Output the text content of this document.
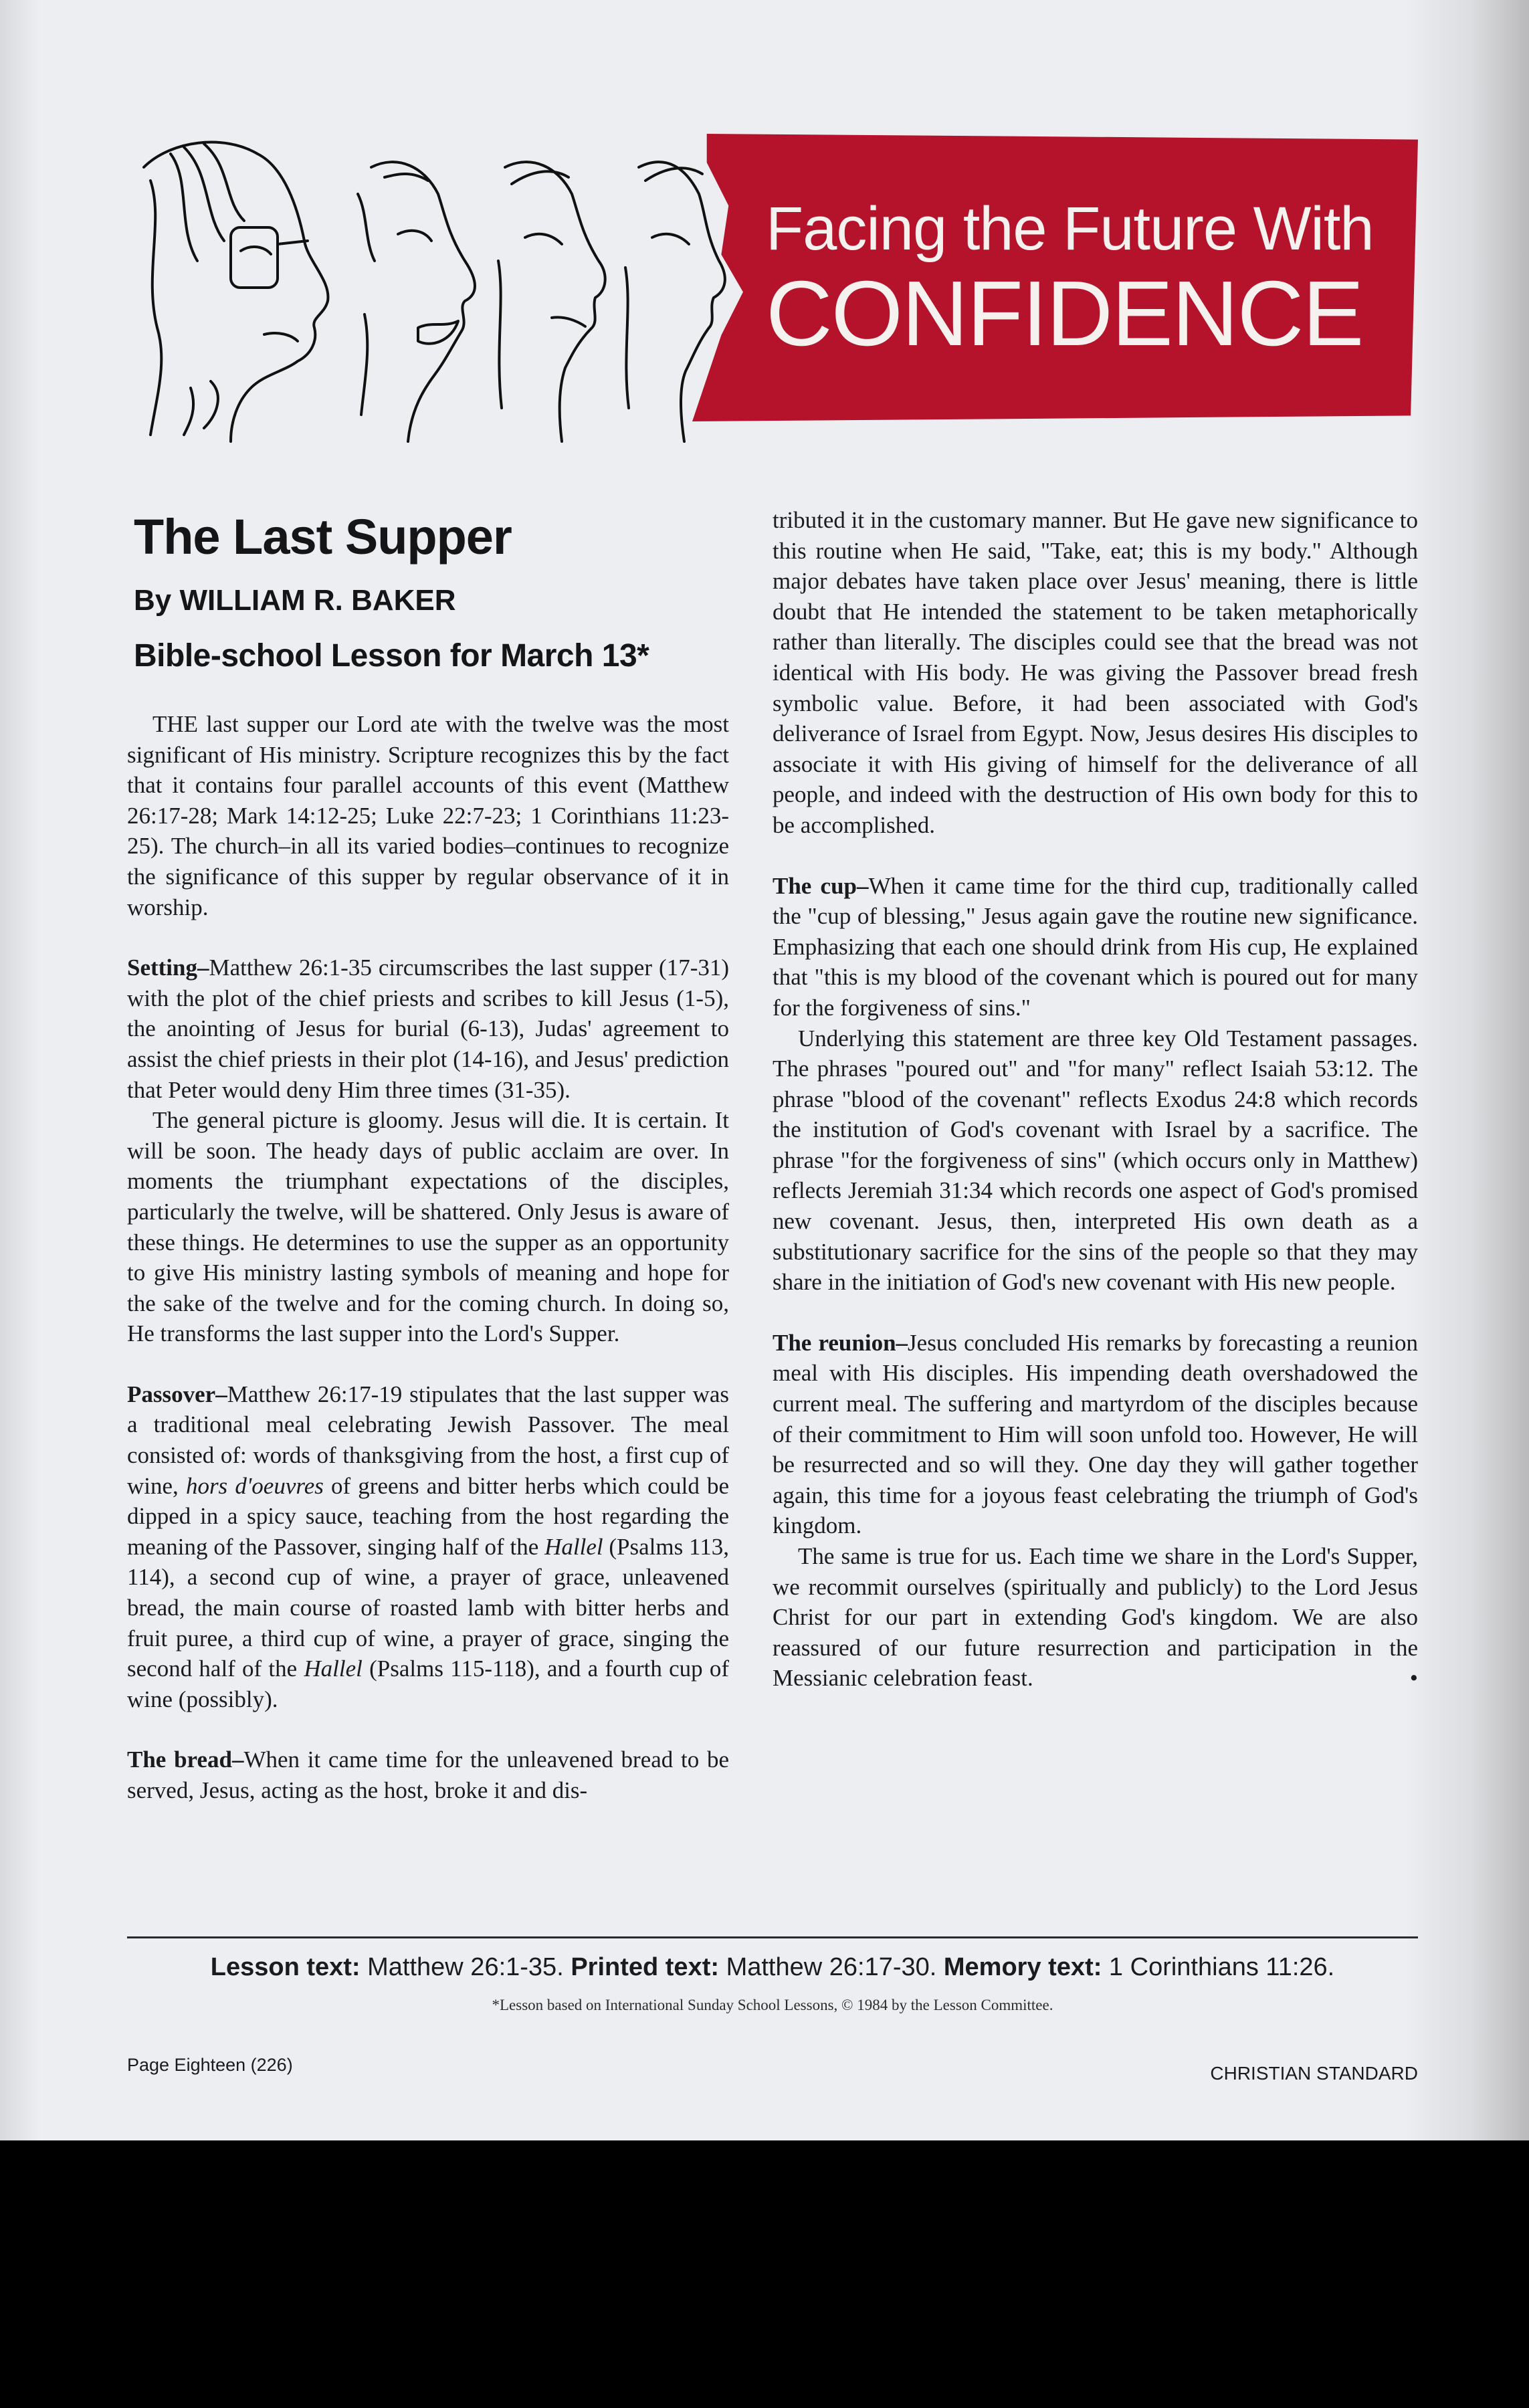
Facing the Future With
CONFIDENCE
The Last Supper
By WILLIAM R. BAKER
Bible-school Lesson for March 13*

THE last supper our Lord ate with the twelve was the most significant of His ministry. Scripture recognizes this by the fact that it contains four parallel accounts of this event (Matthew 26:17-28; Mark 14:12-25; Luke 22:7-23; 1 Corinthians 11:23-25). The church–in all its varied bodies–continues to recognize the significance of this supper by regular observance of it in worship.

Setting–Matthew 26:1-35 circumscribes the last supper (17-31) with the plot of the chief priests and scribes to kill Jesus (1-5), the anointing of Jesus for burial (6-13), Judas' agreement to assist the chief priests in their plot (14-16), and Jesus' prediction that Peter would deny Him three times (31-35).

The general picture is gloomy. Jesus will die. It is certain. It will be soon. The heady days of public acclaim are over. In moments the triumphant expectations of the disciples, particularly the twelve, will be shattered. Only Jesus is aware of these things. He determines to use the supper as an opportunity to give His ministry lasting symbols of meaning and hope for the sake of the twelve and for the coming church. In doing so, He transforms the last supper into the Lord's Supper.

Passover–Matthew 26:17-19 stipulates that the last supper was a traditional meal celebrating Jewish Passover. The meal consisted of: words of thanksgiving from the host, a first cup of wine, hors d'oeuvres of greens and bitter herbs which could be dipped in a spicy sauce, teaching from the host regarding the meaning of the Passover, singing half of the Hallel (Psalms 113, 114), a second cup of wine, a prayer of grace, unleavened bread, the main course of roasted lamb with bitter herbs and fruit puree, a third cup of wine, a prayer of grace, singing the second half of the Hallel (Psalms 115-118), and a fourth cup of wine (possibly).

The bread–When it came time for the unleavened bread to be served, Jesus, acting as the host, broke it and dis-

tributed it in the customary manner. But He gave new significance to this routine when He said, "Take, eat; this is my body." Although major debates have taken place over Jesus' meaning, there is little doubt that He intended the statement to be taken metaphorically rather than literally. The disciples could see that the bread was not identical with His body. He was giving the Passover bread fresh symbolic value. Before, it had been associated with God's deliverance of Israel from Egypt. Now, Jesus desires His disciples to associate it with His giving of himself for the deliverance of all people, and indeed with the destruction of His own body for this to be accomplished.

The cup–When it came time for the third cup, traditionally called the "cup of blessing," Jesus again gave the routine new significance. Emphasizing that each one should drink from His cup, He explained that "this is my blood of the covenant which is poured out for many for the forgiveness of sins."

Underlying this statement are three key Old Testament passages. The phrases "poured out" and "for many" reflect Isaiah 53:12. The phrase "blood of the covenant" reflects Exodus 24:8 which records the institution of God's covenant with Israel by a sacrifice. The phrase "for the forgiveness of sins" (which occurs only in Matthew) reflects Jeremiah 31:34 which records one aspect of God's promised new covenant. Jesus, then, interpreted His own death as a substitutionary sacrifice for the sins of the people so that they may share in the initiation of God's new covenant with His new people.

The reunion–Jesus concluded His remarks by forecasting a reunion meal with His disciples. His impending death overshadowed the current meal. The suffering and martyrdom of the disciples because of their commitment to Him will soon unfold too. However, He will be resurrected and so will they. One day they will gather together again, this time for a joyous feast celebrating the triumph of God's kingdom.

The same is true for us. Each time we share in the Lord's Supper, we recommit ourselves (spiritually and publicly) to the Lord Jesus Christ for our part in extending God's kingdom. We are also reassured of our future resurrection and participation in the Messianic celebration feast.	•

Lesson text: Matthew 26:1-35. Printed text: Matthew 26:17-30. Memory text: 1 Corinthians 11:26.
*Lesson based on International Sunday School Lessons, © 1984 by the Lesson Committee.
Page Eighteen (226)	CHRISTIAN STANDARD
